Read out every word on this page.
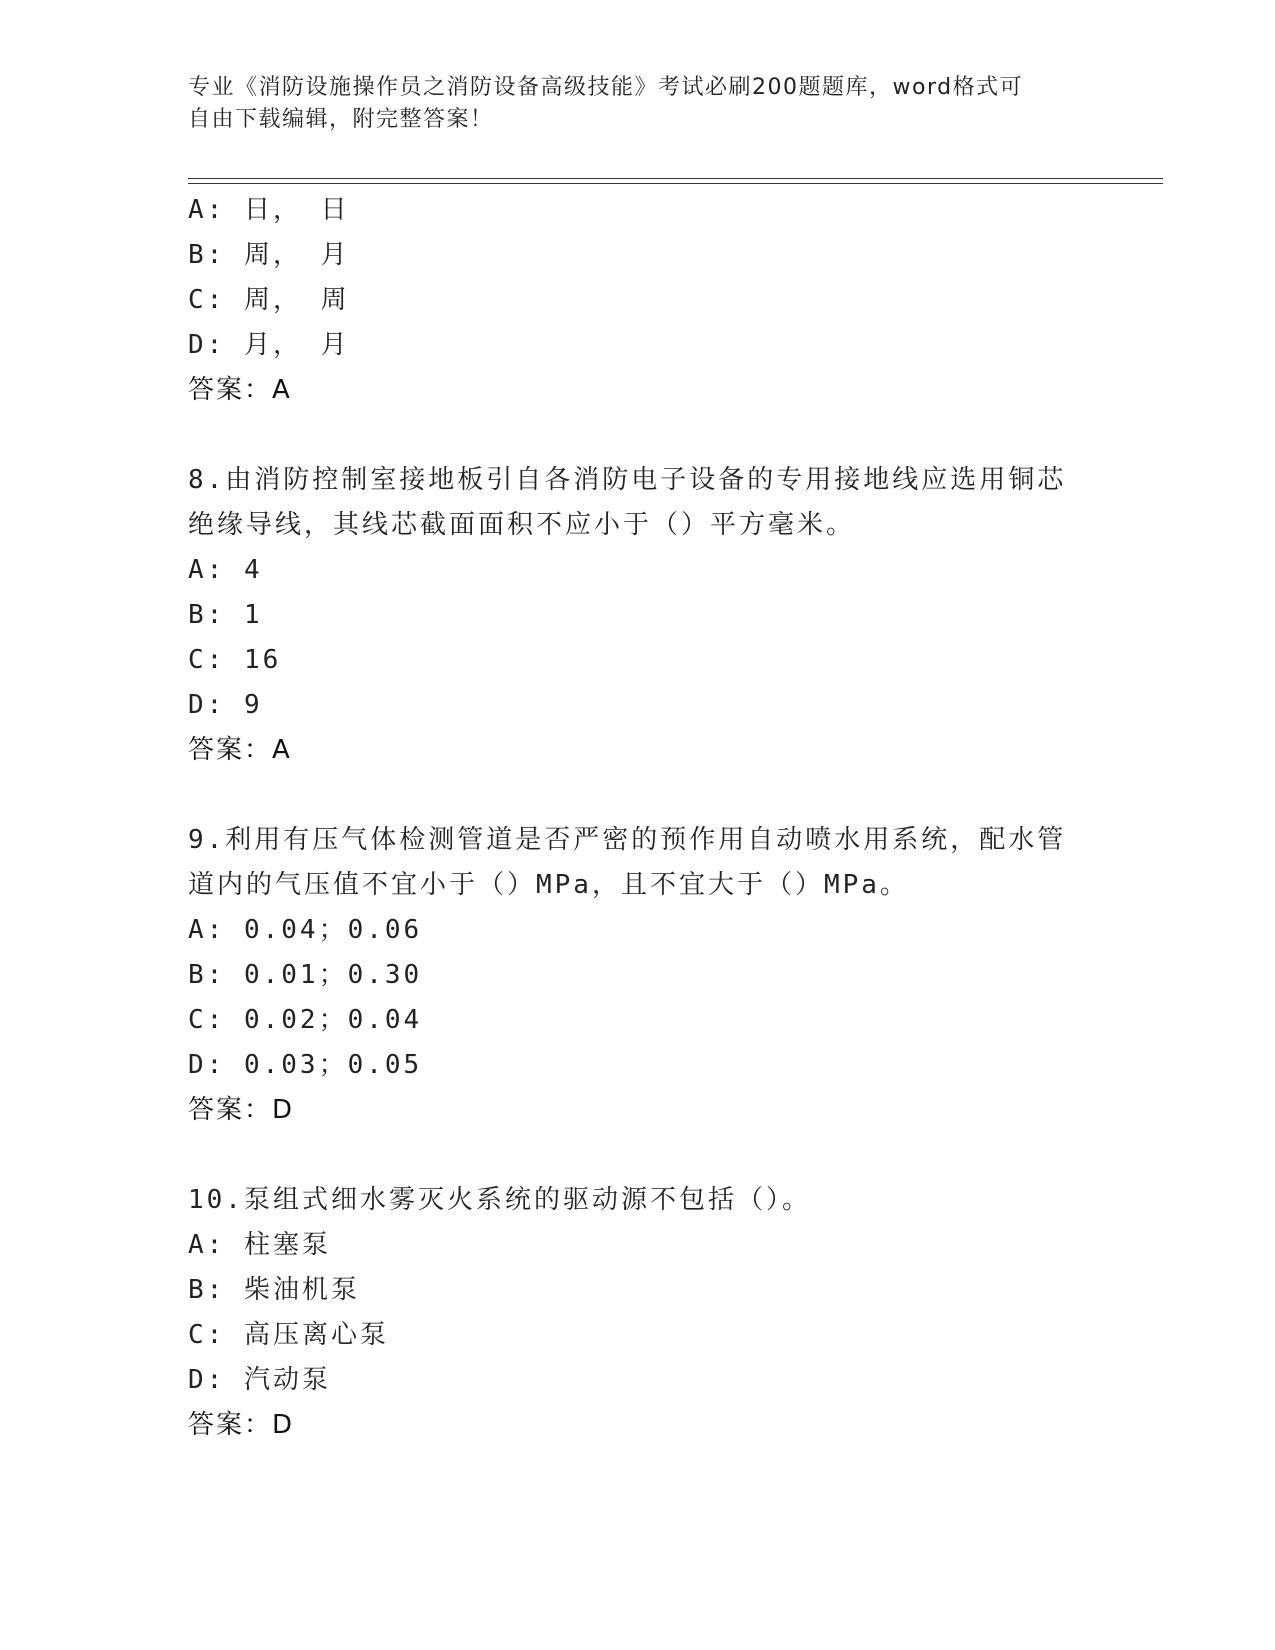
专业《消防设施操作员之消防设备高级技能》考试必刷200题题库，word格式可
自由下载编辑，附完整答案！
A: 日， 日
B: 周， 月
C: 周， 周
D: 月， 月
答案：A
8.由消防控制室接地板引自各消防电子设备的专用接地线应选用铜芯
绝缘导线，其线芯截面面积不应小于（）平方毫米。
A: 4
B: 1
C: 16
D: 9
答案：A
9.利用有压气体检测管道是否严密的预作用自动喷水用系统，配水管
道内的气压值不宜小于（）MPa，且不宜大于（）MPa。
A: 0.04；0.06
B: 0.01；0.30
C: 0.02；0.04
D: 0.03；0.05
答案：D
10.泵组式细水雾灭火系统的驱动源不包括（）。
A: 柱塞泵
B: 柴油机泵
C: 高压离心泵
D: 汽动泵
答案：D
